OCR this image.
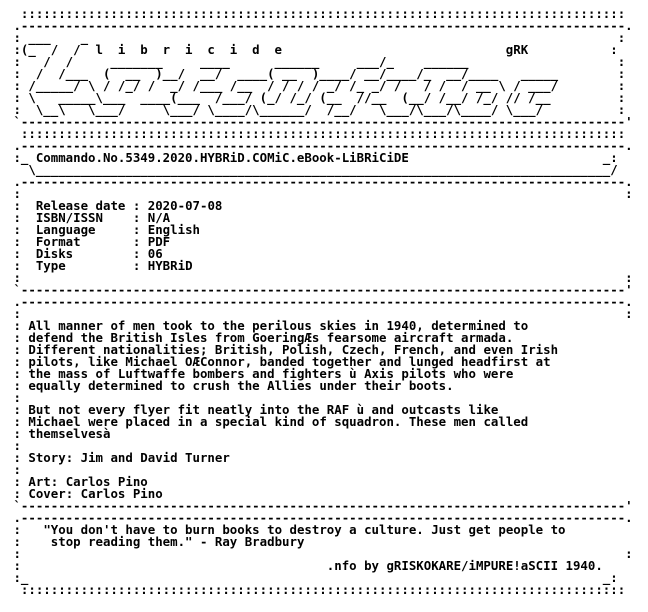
:::::::::::::::::::::::::::::::::::::::::::::::::::::::::::::::::::::::::::::::::
.---------------------------------------------------------------------------------.
: ___    _                                                                       :
:(_  /  /  l  i  b  r  i  c  i  d  e                              gRK           :
:   /  /     _______     ____      ______     ___/_    ______                    :
:  /  /___  (  __  )__/  __/  ____( __  )____/ __/____/_  __/____   _____        :
: /_____/ \ / /_/ /  _/ /___ /__  / / / / _/ /_ _/ /   / /  / __ \ / ___/        :
: \   _____\___  ____(___  /___/ (_/ /_/ (__  //__  (__/ /__/ /_/ // /__         :
:  \__\   \___/     \___/ \____/\______/  /__/   \___/\___/\____/ \___/          :
`---------------------------------------------------------------------------------'
:::::::::::::::::::::::::::::::::::::::::::::::::::::::::::::::::::::::::::::::::
.---------------------------------------------------------------------------------.
:_ Commando.No.5349.2020.HYBRiD.COMiC.eBook-LiBRiCiDE                          _:
\_____________________________________________________________________________/
.---------------------------------------------------------------------------------.
:                                                                                 :
:  Release date : 2020-07-08
:  ISBN/ISSN    : N/A
:  Language     : English
:  Format       : PDF
:  Disks        : 06
:  Type         : HYBRiD
:                                                                                 :
`---------------------------------------------------------------------------------'
.---------------------------------------------------------------------------------.
:                                                                                 :
: All manner of men took to the perilous skies in 1940, determined to
: defend the British Isles from GoeringÆs fearsome aircraft armada.
: Different nationalities; British, Polish, Czech, French, and even Irish
: pilots, like Michael OÆConnor, banded together and lunged headfirst at
: the mass of Luftwaffe bombers and fighters ù Axis pilots who were
: equally determined to crush the Allies under their boots.
:
: But not every flyer fit neatly into the RAF ù and outcasts like
: Michael were placed in a special kind of squadron. These men called
: themselvesà
:
: Story: Jim and David Turner
:
: Art: Carlos Pino
: Cover: Carlos Pino
`---------------------------------------------------------------------------------'
.---------------------------------------------------------------------------------.
:   "You don't have to burn books to destroy a culture. Just get people to
:    stop reading them." - Ray Bradbury
:                                                                                 :
:                                         .nfo by gRISKOKARE/iMPURE!aSCII 1940.
:_                                                                             _:
:::::::::::::::::::::::::::::::::::::::::::::::::::::::::::::::::::::::::::::::::
